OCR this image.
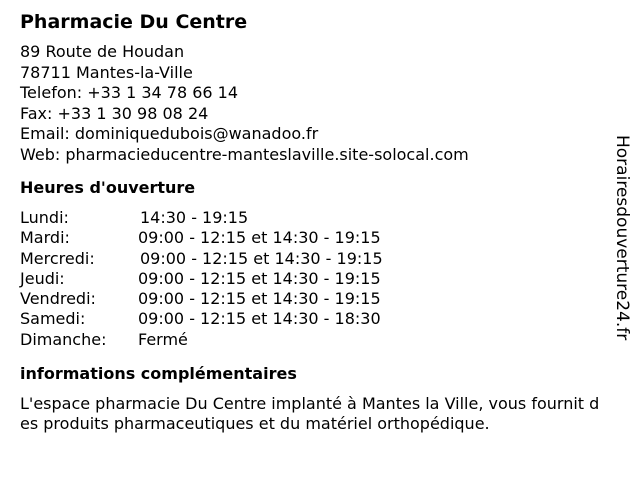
Pharmacie Du Centre
89 Route de Houdan
78711 Mantes-la-Ville
Telefon: +33 1 34 78 66 14
Fax: +33 1 30 98 08 24
Email: dominiquedubois@wanadoo.fr
Web: pharmacieducentre-manteslaville.site-solocal.com
Heures d'ouverture
Lundi:	14:30 - 19:15
Mardi:	09:00 - 12:15 et 14:30 - 19:15
Mercredi:	09:00 - 12:15 et 14:30 - 19:15
Jeudi:	09:00 - 12:15 et 14:30 - 19:15
Vendredi:	09:00 - 12:15 et 14:30 - 19:15
Samedi:	09:00 - 12:15 et 14:30 - 18:30
Dimanche:	Fermé
informations complémentaires
L'espace pharmacie Du Centre implanté à Mantes la Ville, vous fournit des produits pharmaceutiques et du matériel orthopédique.
Horairesdouverture24.fr
